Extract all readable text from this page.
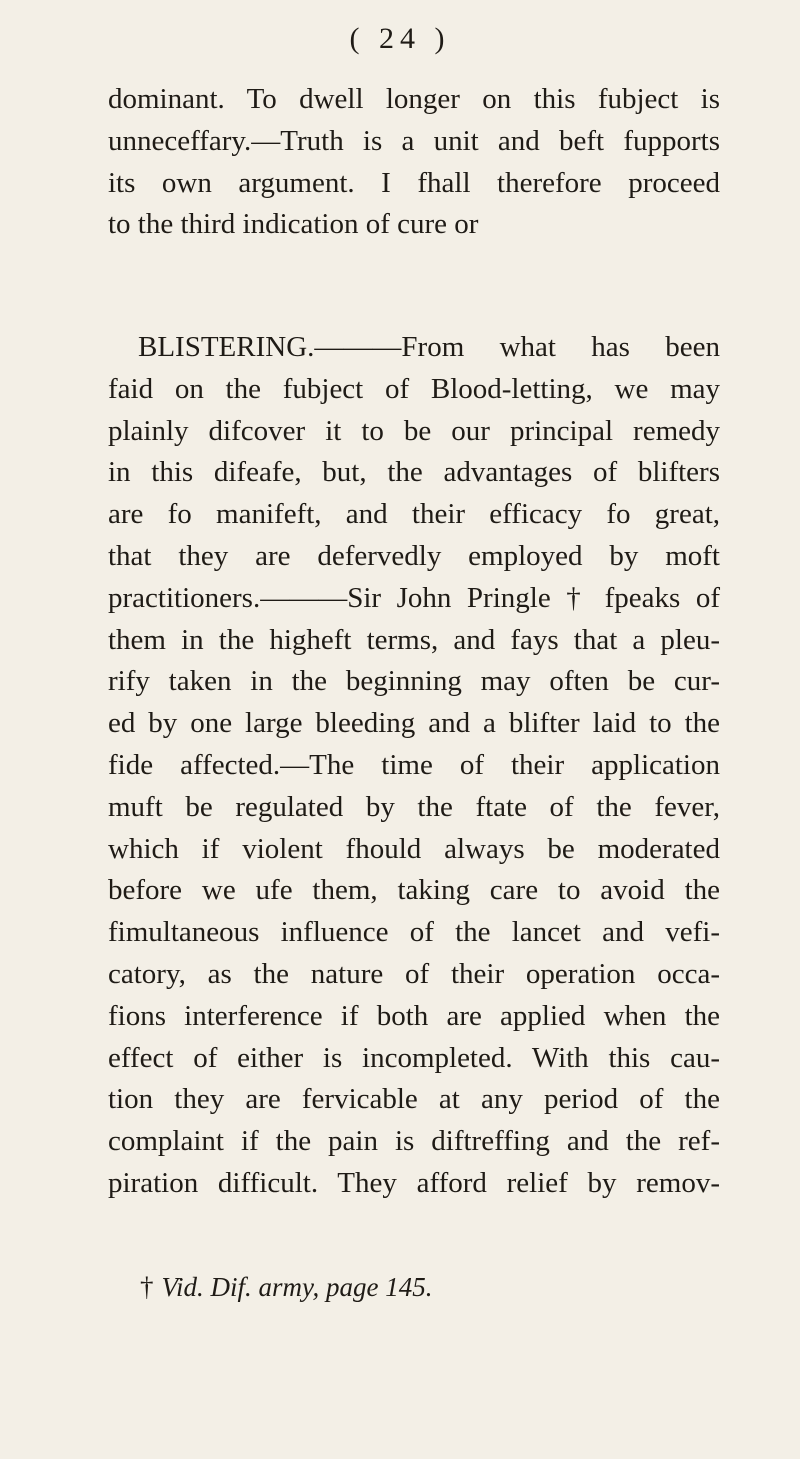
( 24 )
dominant. To dwell longer on this fubject is
unneceffary.—Truth is a unit and beft fupports
its own argument. I fhall therefore proceed
to the third indication of cure or
BLISTERING.———From what has been
faid on the fubject of Blood-letting, we may
plainly difcover it to be our principal remedy
in this difeafe, but, the advantages of blifters
are fo manifeft, and their efficacy fo great,
that they are defervedly employed by moft
practitioners.———Sir John Pringle † fpeaks of
them in the higheft terms, and fays that a pleu-
rify taken in the beginning may often be cur-
ed by one large bleeding and a blifter laid to the
fide affected.—The time of their application
muft be regulated by the ftate of the fever,
which if violent fhould always be moderated
before we ufe them, taking care to avoid the
fimultaneous influence of the lancet and vefi-
catory, as the nature of their operation occa-
fions interference if both are applied when the
effect of either is incompleted. With this cau-
tion they are fervicable at any period of the
complaint if the pain is diftreffing and the ref-
piration difficult. They afford relief by remov-
† Vid. Dif. army, page 145.
